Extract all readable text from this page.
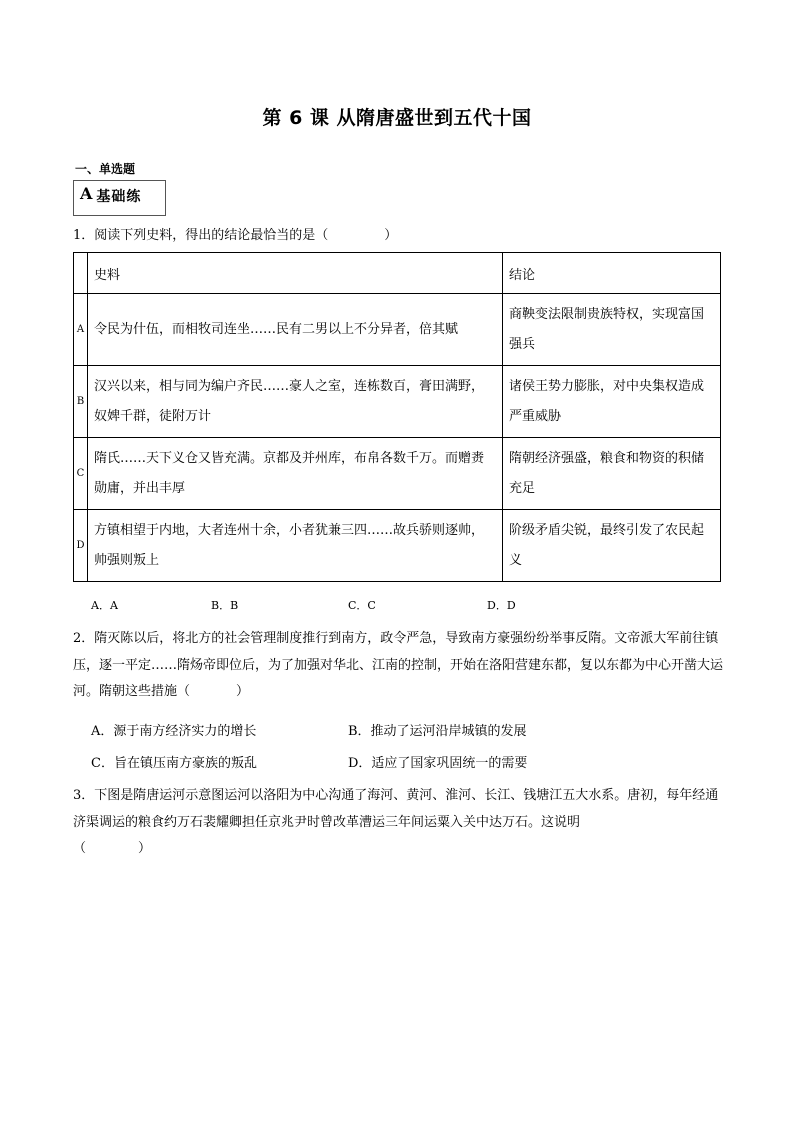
第 6 课 从隋唐盛世到五代十国
一、单选题
A 基础练
1．阅读下列史料，得出的结论最恰当的是（	）
	史料	结论
A	令民为什伍，而相牧司连坐……民有二男以上不分异者，倍其赋	商鞅变法限制贵族特权，实现富国强兵
B	汉兴以来，相与同为编户齐民……豪人之室，连栋数百，膏田满野，奴婢千群，徒附万计	诸侯王势力膨胀，对中央集权造成严重威胁
C	隋氏……天下义仓又皆充满。京都及并州库，布帛各数千万。而赠赉勋庸，并出丰厚	隋朝经济强盛，粮食和物资的积储充足
D	方镇相望于内地，大者连州十余，小者犹兼三四……故兵骄则逐帅，帅强则叛上	阶级矛盾尖锐，最终引发了农民起义
A．A	B．B	C．C	D．D
2．隋灭陈以后，将北方的社会管理制度推行到南方，政令严急，导致南方豪强纷纷举事反隋。文帝派大军前往镇压，逐一平定……隋炀帝即位后，为了加强对华北、江南的控制，开始在洛阳营建东都，复以东都为中心开凿大运河。隋朝这些措施（	）
A．源于南方经济实力的增长	B．推动了运河沿岸城镇的发展
C．旨在镇压南方豪族的叛乱	D．适应了国家巩固统一的需要
3．下图是隋唐运河示意图运河以洛阳为中心沟通了海河、黄河、淮河、长江、钱塘江五大水系。唐初，每年经通济渠调运的粮食约万石裴耀卿担任京兆尹时曾改革漕运三年间运粟入关中达万石。这说明
（	）
